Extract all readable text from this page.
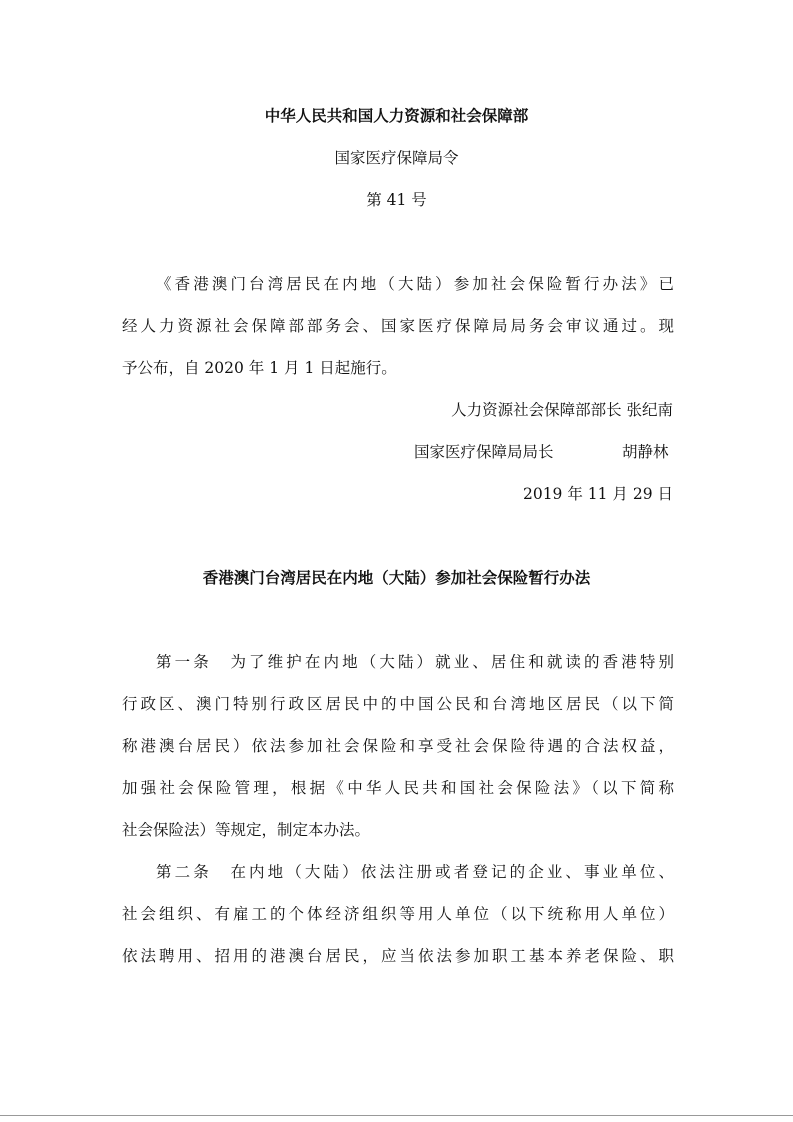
中华人民共和国人力资源和社会保障部
国家医疗保障局令
第 41 号
《香港澳门台湾居民在内地（大陆）参加社会保险暂行办法》已
经人力资源社会保障部部务会、国家医疗保障局局务会审议通过。现
予公布，自 2020 年 1 月 1 日起施行。
人力资源社会保障部部长 张纪南
国家医疗保障局局长	胡静林
2019 年 11 月 29 日
香港澳门台湾居民在内地（大陆）参加社会保险暂行办法
第一条　为了维护在内地（大陆）就业、居住和就读的香港特别
行政区、澳门特别行政区居民中的中国公民和台湾地区居民（以下简
称港澳台居民）依法参加社会保险和享受社会保险待遇的合法权益，
加强社会保险管理，根据《中华人民共和国社会保险法》（以下简称
社会保险法）等规定，制定本办法。
第二条　在内地（大陆）依法注册或者登记的企业、事业单位、
社会组织、有雇工的个体经济组织等用人单位（以下统称用人单位）
依法聘用、招用的港澳台居民，应当依法参加职工基本养老保险、职
